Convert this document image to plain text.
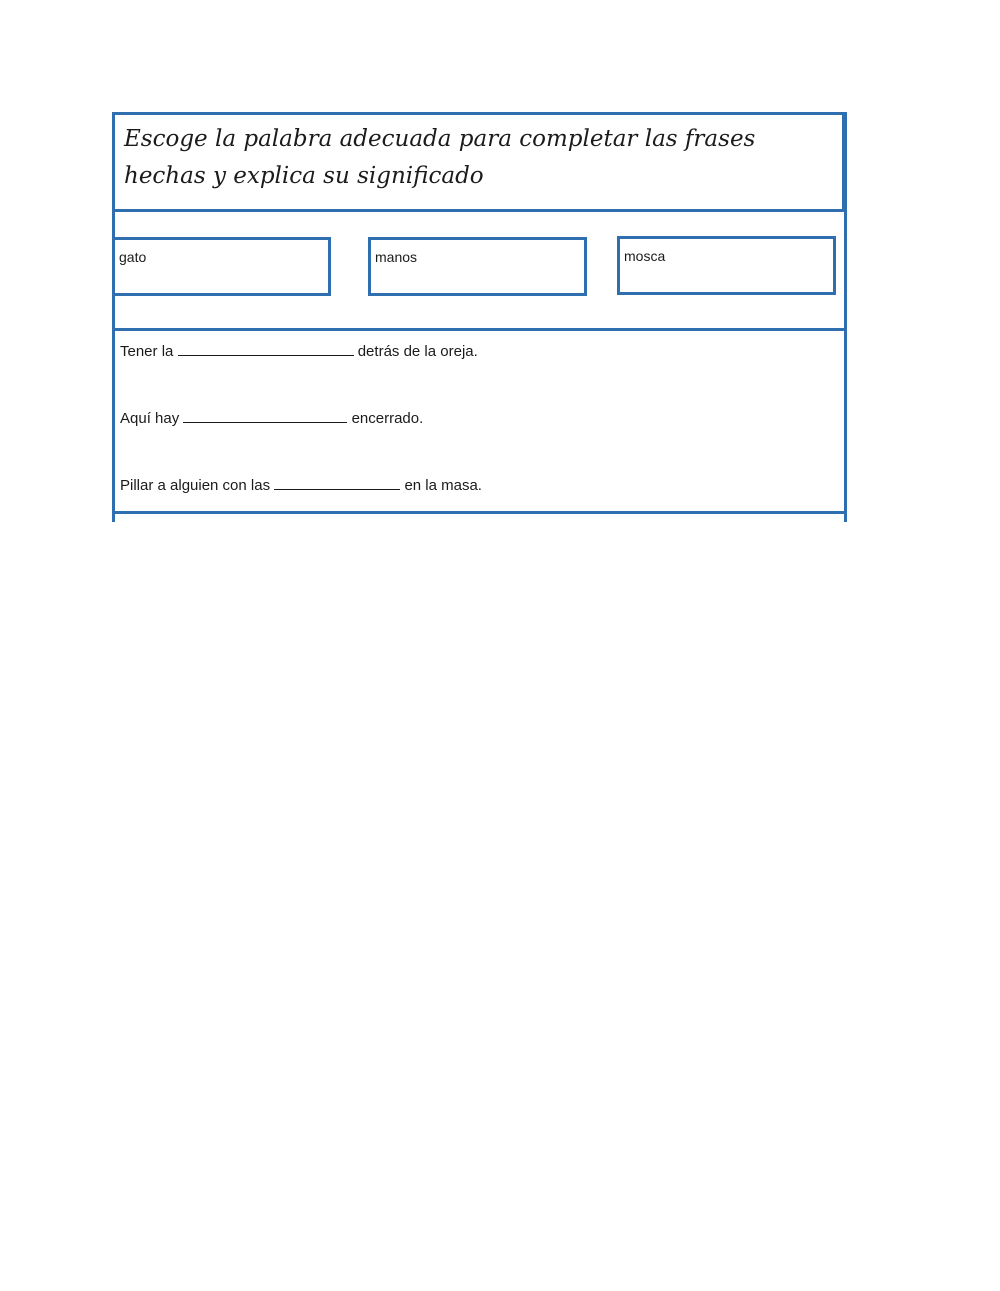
Escoge la palabra adecuada para completar las frases
hechas y explica su significado
gato	manos	mosca
Tener la	detrás de la oreja.
Aquí hay	encerrado.
Pillar a alguien con las	en la masa.
